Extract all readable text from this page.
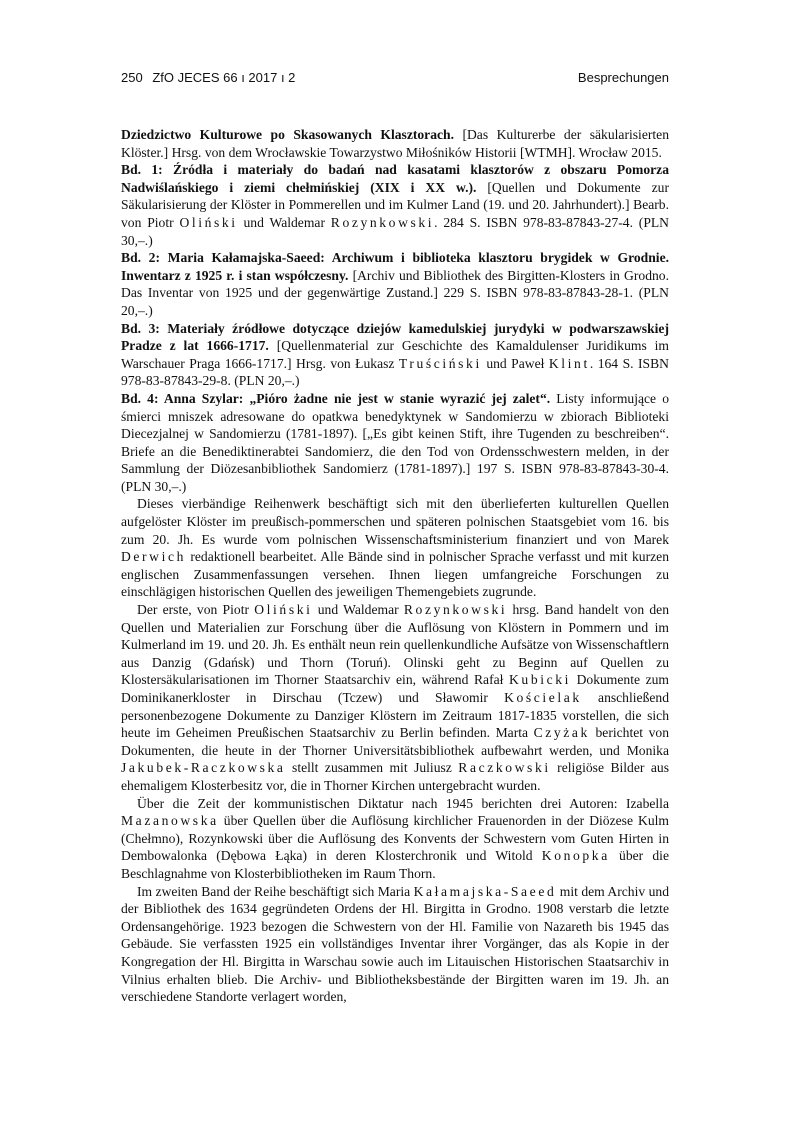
250 ZfO JECES 66 ı 2017 ı 2	Besprechungen

Dziedzictwo Kulturowe po Skasowanych Klasztorach. [Das Kulturerbe der säkularisierten Klöster.] Hrsg. von dem Wrocławskie Towarzystwo Miłośników Historii [WTMH]. Wrocław 2015.

Bd. 1: Źródła i materiały do badań nad kasatami klasztorów z obszaru Pomorza Nadwiślańskiego i ziemi chełmińskiej (XIX i XX w.). [Quellen und Dokumente zur Säkularisierung der Klöster in Pommerellen und im Kulmer Land (19. und 20. Jahrhundert).] Bearb. von Piotr Oliński und Waldemar Rozynkowski. 284 S. ISBN 978-83-87843-27-4. (PLN 30,–.)

Bd. 2: Maria Kałamajska-Saeed: Archiwum i biblioteka klasztoru brygidek w Grodnie. Inwentarz z 1925 r. i stan współczesny. [Archiv und Bibliothek des Birgitten-Klosters in Grodno. Das Inventar von 1925 und der gegenwärtige Zustand.] 229 S. ISBN 978-83-87843-28-1. (PLN 20,–.)

Bd. 3: Materiały źródłowe dotyczące dziejów kamedulskiej jurydyki w podwarszawskiej Pradze z lat 1666-1717. [Quellenmaterial zur Geschichte des Kamaldulenser Juridikums im Warschauer Praga 1666-1717.] Hrsg. von Łukasz Truściński und Paweł Klint. 164 S. ISBN 978-83-87843-29-8. (PLN 20,–.)

Bd. 4: Anna Szylar: „Pióro żadne nie jest w stanie wyrazić jej zalet“. Listy informujące o śmierci mniszek adresowane do opatkwa benedyktynek w Sandomierzu w zbiorach Biblioteki Diecezjalnej w Sandomierzu (1781-1897). [„Es gibt keinen Stift, ihre Tugenden zu beschreiben“. Briefe an die Benediktinerabtei Sandomierz, die den Tod von Ordensschwestern melden, in der Sammlung der Diözesanbibliothek Sandomierz (1781-1897).] 197 S. ISBN 978-83-87843-30-4. (PLN 30,–.)

Dieses vierbändige Reihenwerk beschäftigt sich mit den überlieferten kulturellen Quellen aufgelöster Klöster im preußisch-pommerschen und späteren polnischen Staatsgebiet vom 16. bis zum 20. Jh. Es wurde vom polnischen Wissenschaftsministerium finanziert und von Marek Derwich redaktionell bearbeitet. Alle Bände sind in polnischer Sprache verfasst und mit kurzen englischen Zusammenfassungen versehen. Ihnen liegen umfangreiche Forschungen zu einschlägigen historischen Quellen des jeweiligen Themengebiets zugrunde.

Der erste, von Piotr Oliński und Waldemar Rozynkowski hrsg. Band handelt von den Quellen und Materialien zur Forschung über die Auflösung von Klöstern in Pommern und im Kulmerland im 19. und 20. Jh. Es enthält neun rein quellenkundliche Aufsätze von Wissenschaftlern aus Danzig (Gdańsk) und Thorn (Toruń). Olinski geht zu Beginn auf Quellen zu Klostersäkularisationen im Thorner Staatsarchiv ein, während Rafał Kubicki Dokumente zum Dominikanerkloster in Dirschau (Tczew) und Sławomir Kościelak anschließend personenbezogene Dokumente zu Danziger Klöstern im Zeitraum 1817-1835 vorstellen, die sich heute im Geheimen Preußischen Staatsarchiv zu Berlin befinden. Marta Czyżak berichtet von Dokumenten, die heute in der Thorner Universitätsbibliothek aufbewahrt werden, und Monika Jakubek-Raczkowska stellt zusammen mit Juliusz Raczkowski religiöse Bilder aus ehemaligem Klosterbesitz vor, die in Thorner Kirchen untergebracht wurden.

Über die Zeit der kommunistischen Diktatur nach 1945 berichten drei Autoren: Izabella Mazanowska über Quellen über die Auflösung kirchlicher Frauenorden in der Diözese Kulm (Chełmno), Rozynkowski über die Auflösung des Konvents der Schwestern vom Guten Hirten in Dembowalonka (Dębowa Łąka) in deren Klosterchronik und Witold Konopka über die Beschlagnahme von Klosterbibliotheken im Raum Thorn.

Im zweiten Band der Reihe beschäftigt sich Maria Kałamajska-Saeed mit dem Archiv und der Bibliothek des 1634 gegründeten Ordens der Hl. Birgitta in Grodno. 1908 verstarb die letzte Ordensangehörige. 1923 bezogen die Schwestern von der Hl. Familie von Nazareth bis 1945 das Gebäude. Sie verfassten 1925 ein vollständiges Inventar ihrer Vorgänger, das als Kopie in der Kongregation der Hl. Birgitta in Warschau sowie auch im Litauischen Historischen Staatsarchiv in Vilnius erhalten blieb. Die Archiv- und Bibliotheksbestände der Birgitten waren im 19. Jh. an verschiedene Standorte verlagert worden,
